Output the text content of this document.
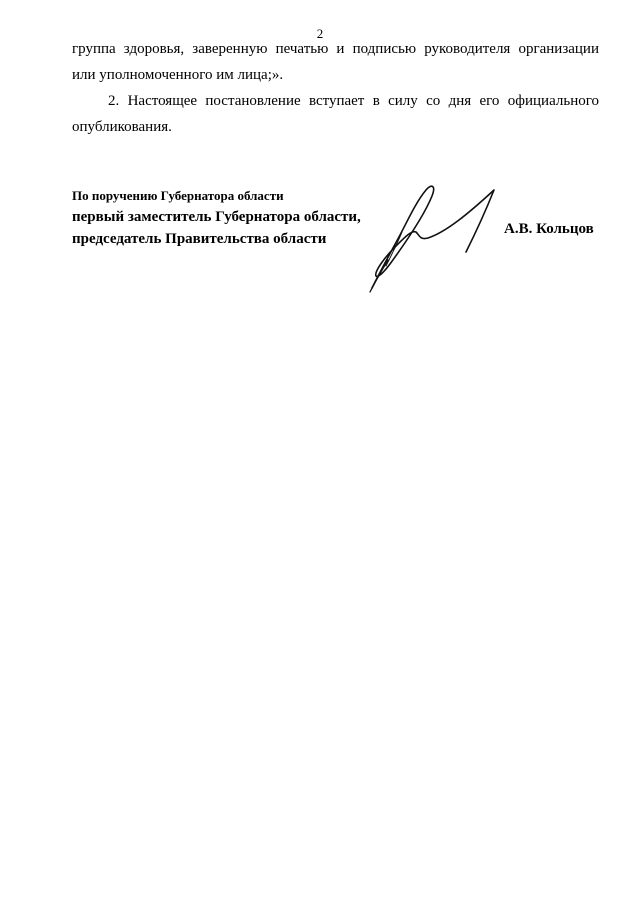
2
группа здоровья, заверенную печатью и подписью руководителя организации
или уполномоченного им лица;».
2. Настоящее постановление вступает в силу со дня его официального
опубликования.
По поручению Губернатора области
первый заместитель Губернатора области,
председатель Правительства области
А.В. Кольцов
